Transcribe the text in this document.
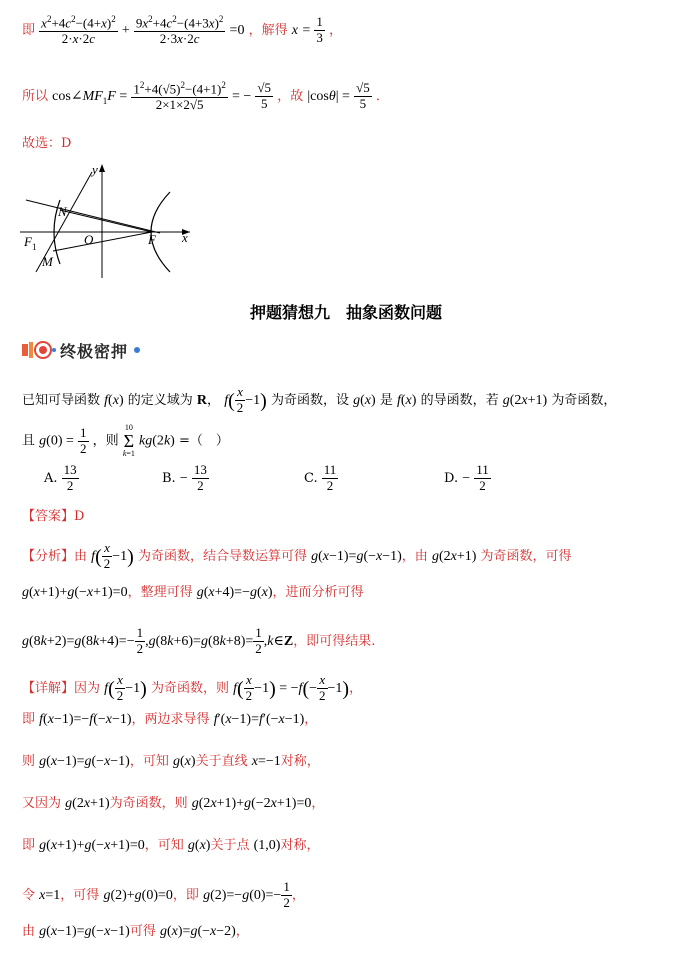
即 $\frac{x^2+4c^2-(4+x)^2}{2\cdot x\cdot 2c} + \frac{9x^2+4c^2-(4+3x)^2}{2\cdot 3x\cdot 2c} =0$ ，解得 $x = \frac{1}{3}$ ，
所以 $\cos\angle MF_1F = \frac{1^2+4(√5)^2-(4+1)^2}{2\times 1\times 2√5}$ = − $\frac{√5}{5}$ ，故 $|\cos\theta| = \frac{√5}{5}$ ．
故选：D
y
x
N
F 1	O	F
M
押题猜想九　抽象函数问题
终极密押
已知可导函数 f(x) 的定义域为 R， $f( \frac{x}{2} -1)$ 为奇函数，设 g(x) 是 f(x) 的导函数，若 g(2x+1) 为奇函数，
且 $g(0) = \frac{1}{2}$ ，则
10
Σ
k=1
kg(2k) =（　）
A. $\frac{13}{2}$	B. − $\frac{13}{2}$	C. $\frac{11}{2}$	D. − $\frac{11}{2}$
【答案】D
【分析】由 $f( \frac{x}{2} -1)$ 为奇函数，结合导数运算可得 g(x−1)=g(−x−1)，由 g(2x+1) 为奇函数，可得
g(x+1)+g(−x+1)=0，整理可得 g(x+4)=−g(x)，进而分析可得
$g(8k+2)=g(8k+4)=- \frac{1}{2} ,g(8k+6)=g(8k+8)= \frac{1}{2}$ ,k∈Z，即可得结果.
【详解】因为 $f( \frac{x}{2} -1)$ 为奇函数，则 $f( \frac{x}{2} -1) = -f(- \frac{x}{2} -1)$，
即 f(x−1)=−f(−x−1)，两边求导得 f′(x−1)=f′(−x−1)，
则 g(x−1)=g(−x−1)，可知 g(x)关于直线 x=−1对称，
又因为 g(2x+1)为奇函数，则 g(2x+1)+g(−2x+1)=0，
即 g(x+1)+g(−x+1)=0，可知 g(x)关于点 (1,0)对称，
令 x=1，可得 g(2)+g(0)=0，即 $g(2)=-g(0)=- \frac{1}{2}$ ，
由 g(x−1)=g(−x−1)可得 g(x)=g(−x−2)，
